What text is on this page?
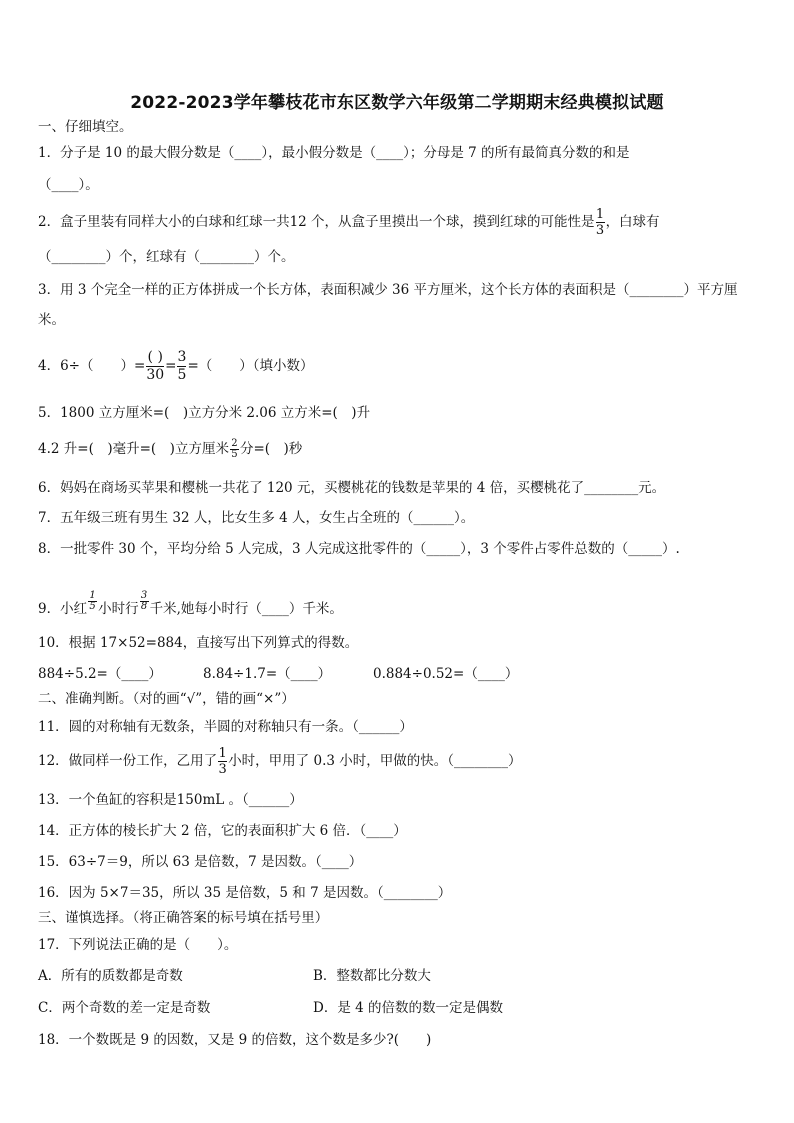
2022-2023学年攀枝花市东区数学六年级第二学期期末经典模拟试题
一、仔细填空。
1．分子是 10 的最大假分数是（____），最小假分数是（____）；分母是 7 的所有最简真分数的和是
（____）。
2．盒子里装有同样大小的白球和红球一共12 个，从盒子里摸出一个球，摸到红球的可能性是 $\frac{1}{3}$ ，白球有
（________）个，红球有（________）个。
3．用 3 个完全一样的正方体拼成一个长方体，表面积减少 36 平方厘米，这个长方体的表面积是（________）平方厘
米。
4．6÷（　　）= $\frac{( )}{30} = \frac{3}{5}$ =（　　）（填小数）
5．1800 立方厘米=(　)立方分米 2.06 立方米=(　)升
4.2 升=(　)毫升=(　)立方厘米 $\frac{2}{5}$ 分=(　)秒
6．妈妈在商场买苹果和樱桃一共花了 120 元，买樱桃花的钱数是苹果的 4 倍，买樱桃花了________元。
7．五年级三班有男生 32 人，比女生多 4 人，女生占全班的（______）。
8．一批零件 30 个，平均分给 5 人完成，3 人完成这批零件的（_____），3 个零件占零件总数的（_____）.
9．小红 $\frac{1}{5}$ 小时行 $\frac{3}{8}$ 千米,她每小时行（____）千米。
10．根据 17×52=884，直接写出下列算式的得数。
884÷5.2=（____）	8.84÷1.7=（____）	0.884÷0.52=（____）
二、准确判断。（对的画“√”，错的画“×”）
11．圆的对称轴有无数条，半圆的对称轴只有一条。（______）
12．做同样一份工作，乙用了 $\frac{1}{3}$ 小时，甲用了 0.3 小时，甲做的快。（________）
13．一个鱼缸的容积是150mL 。（______）
14．正方体的棱长扩大 2 倍，它的表面积扩大 6 倍．（____）
15．63÷7＝9，所以 63 是倍数，7 是因数。（____）
16．因为 5×7＝35，所以 35 是倍数，5 和 7 是因数。（________）
三、谨慎选择。（将正确答案的标号填在括号里）
17．下列说法正确的是（　　）。
A．所有的质数都是奇数	B．整数都比分数大
C．两个奇数的差一定是奇数	D．是 4 的倍数的数一定是偶数
18．一个数既是 9 的因数，又是 9 的倍数，这个数是多少?(　　)
